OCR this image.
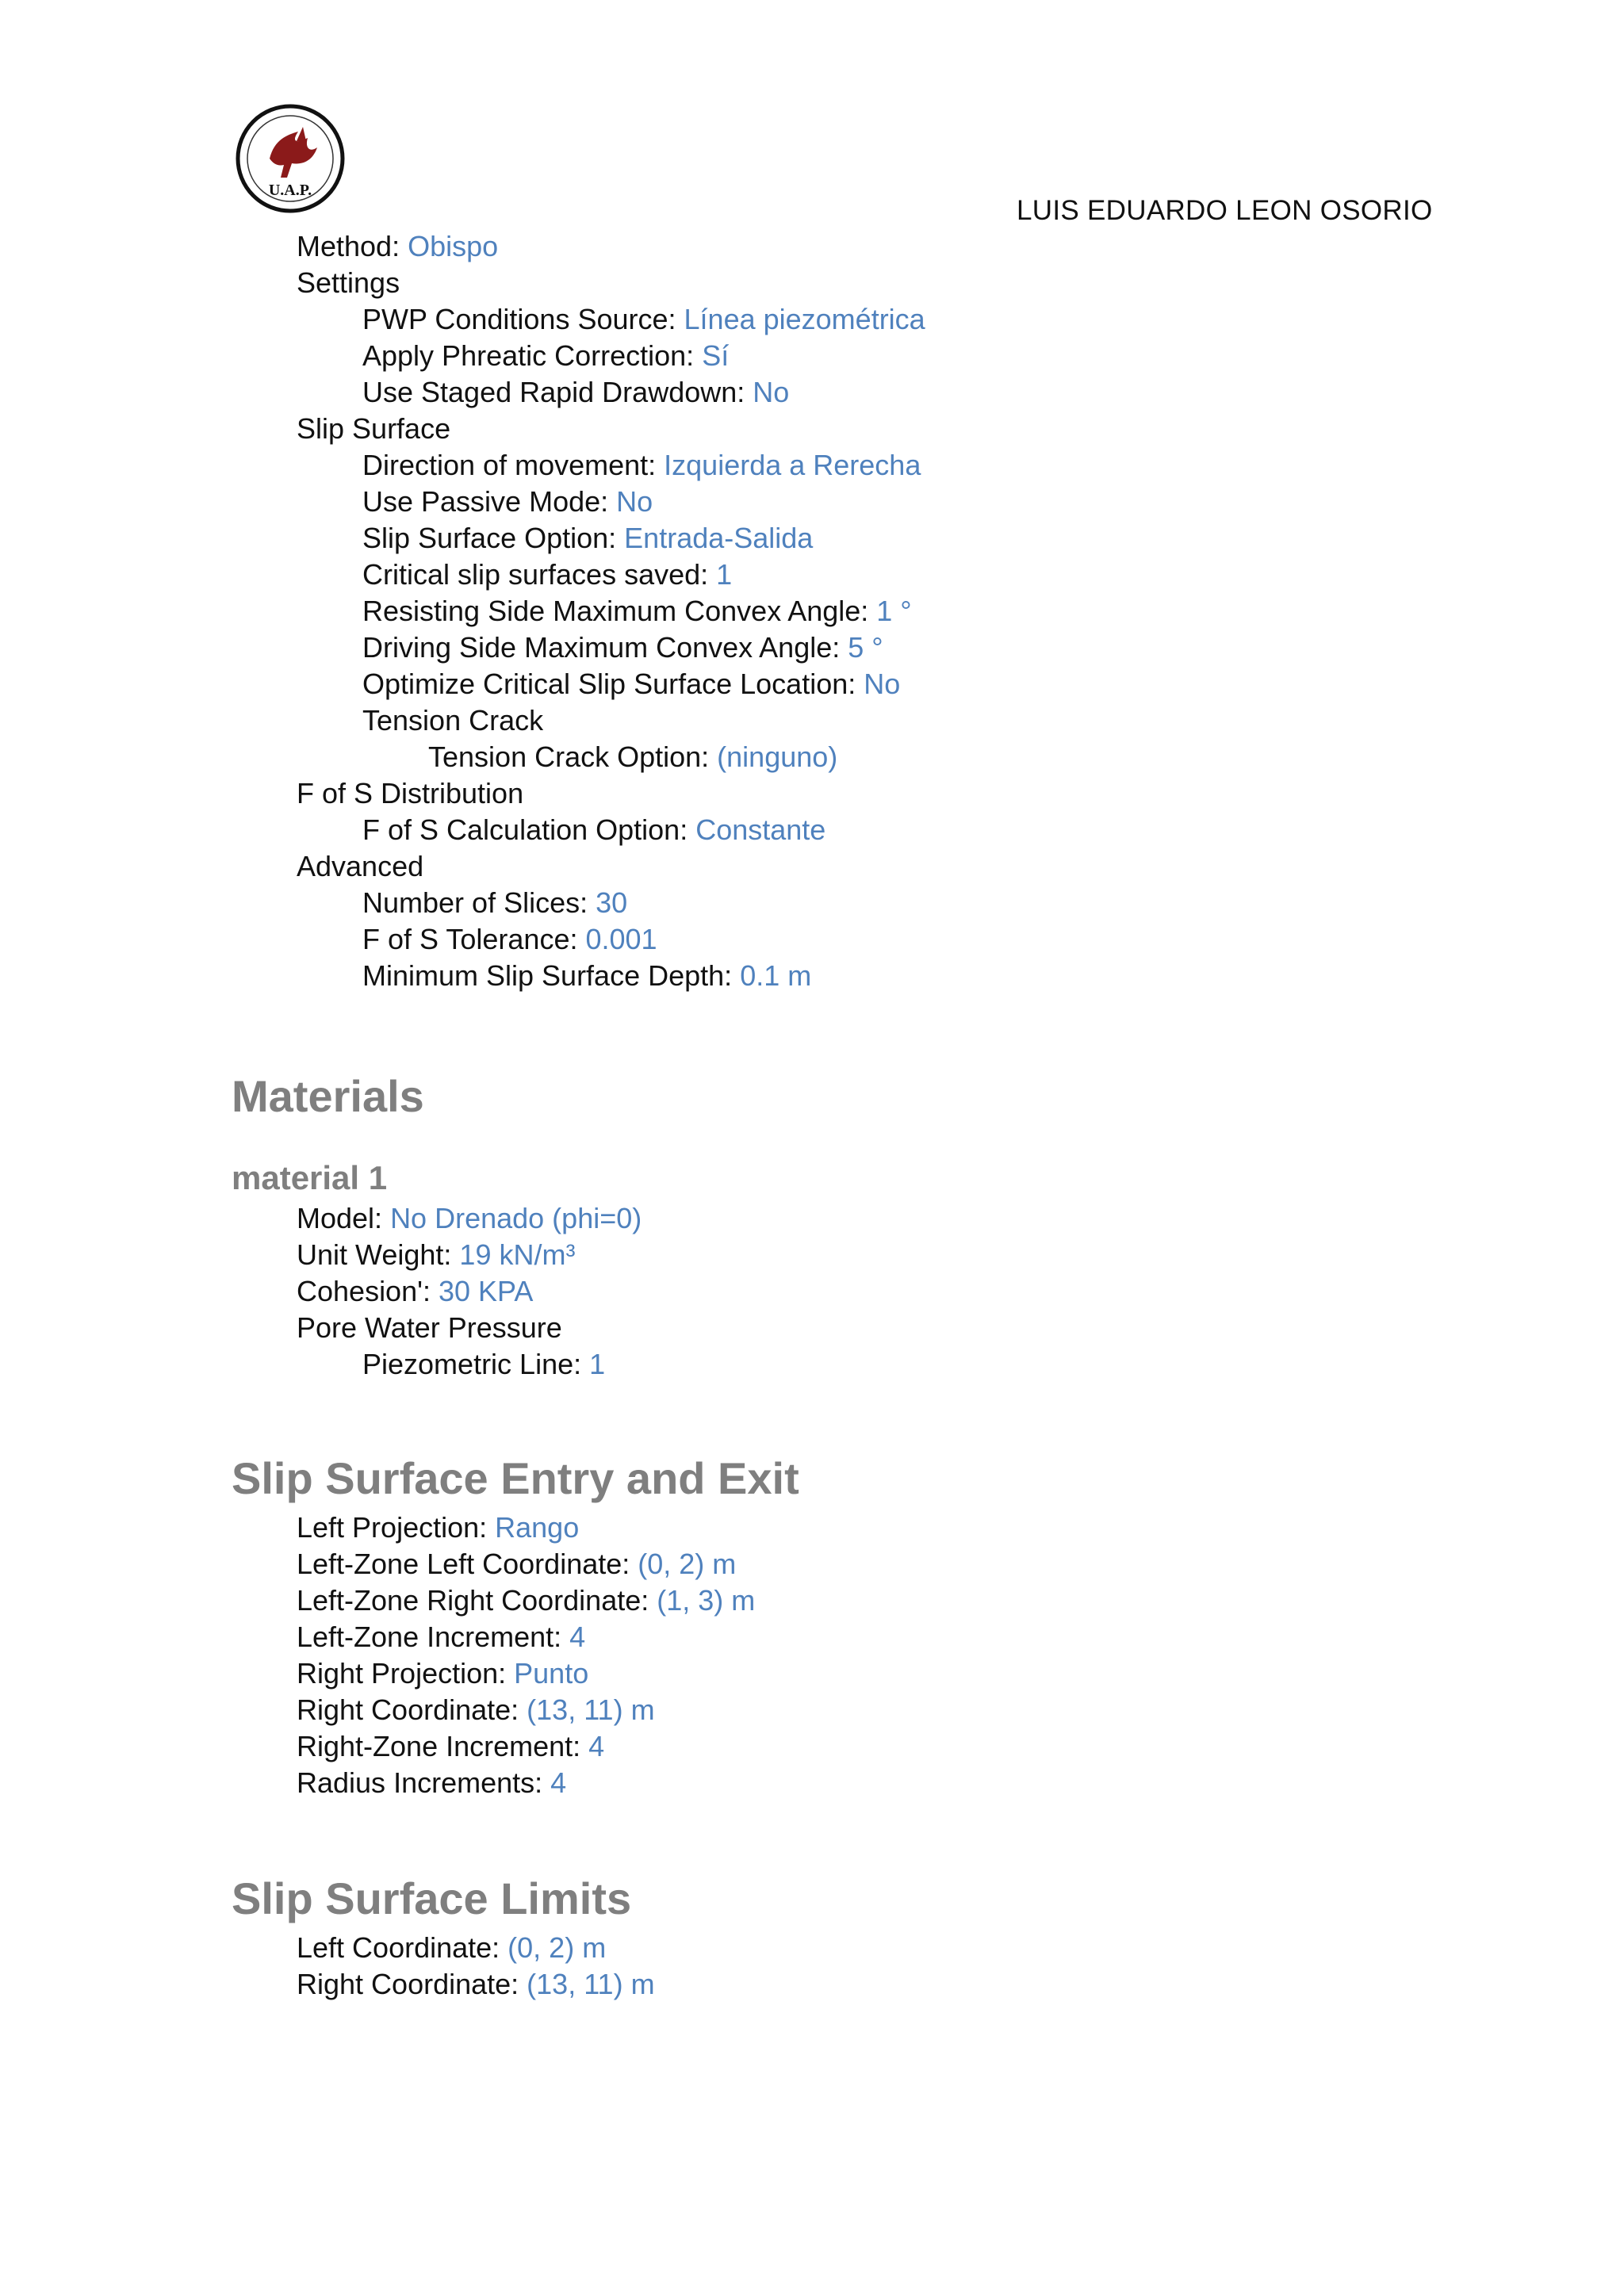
U.A.P.
LUIS EDUARDO LEON OSORIO
Method: Obispo
Settings
PWP Conditions Source: Línea piezométrica
Apply Phreatic Correction: Sí
Use Staged Rapid Drawdown: No
Slip Surface
Direction of movement: Izquierda a Rerecha
Use Passive Mode: No
Slip Surface Option: Entrada-Salida
Critical slip surfaces saved: 1
Resisting Side Maximum Convex Angle: 1 °
Driving Side Maximum Convex Angle: 5 °
Optimize Critical Slip Surface Location: No
Tension Crack
Tension Crack Option: (ninguno)
F of S Distribution
F of S Calculation Option: Constante
Advanced
Number of Slices: 30
F of S Tolerance: 0.001
Minimum Slip Surface Depth: 0.1 m
Materials
material 1
Model: No Drenado (phi=0)
Unit Weight: 19 kN/m³
Cohesion': 30 KPA
Pore Water Pressure
Piezometric Line: 1
Slip Surface Entry and Exit
Left Projection: Rango
Left-Zone Left Coordinate: (0, 2) m
Left-Zone Right Coordinate: (1, 3) m
Left-Zone Increment: 4
Right Projection: Punto
Right Coordinate: (13, 11) m
Right-Zone Increment: 4
Radius Increments: 4
Slip Surface Limits
Left Coordinate: (0, 2) m
Right Coordinate: (13, 11) m
